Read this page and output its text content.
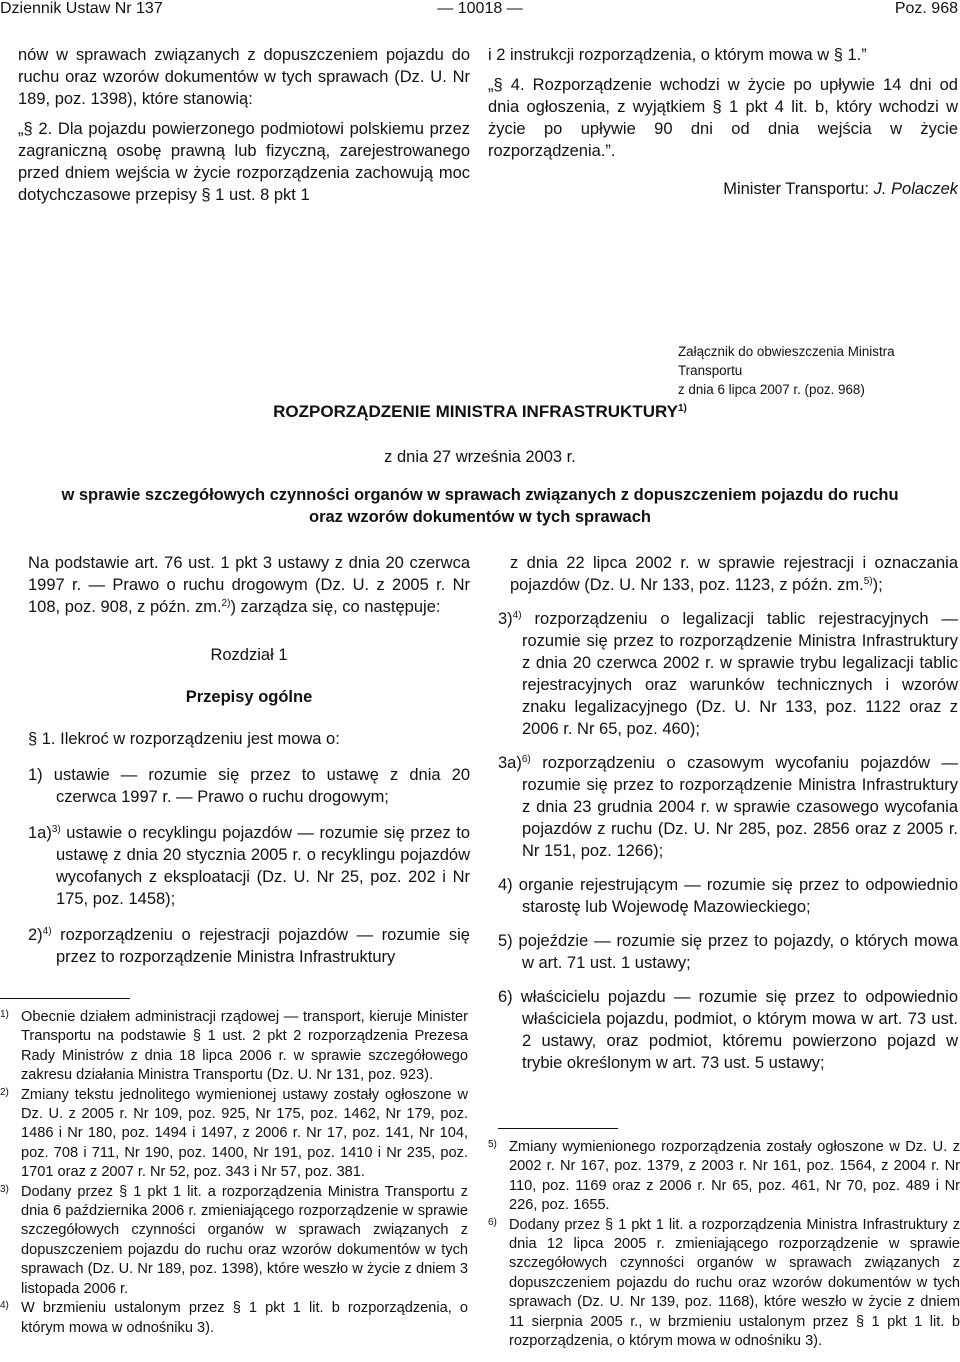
Dziennik Ustaw Nr 137	— 10018 —	Poz. 968

nów w sprawach związanych z dopuszczeniem pojazdu do ruchu oraz wzorów dokumentów w tych sprawach (Dz. U. Nr 189, poz. 1398), które stanowią:

„§ 2. Dla pojazdu powierzonego podmiotowi polskiemu przez zagraniczną osobę prawną lub fizyczną, zarejestrowanego przed dniem wejścia w życie rozporządzenia zachowują moc dotychczasowe przepisy § 1 ust. 8 pkt 1

i 2 instrukcji rozporządzenia, o którym mowa w § 1.”

„§ 4. Rozporządzenie wchodzi w życie po upływie 14 dni od dnia ogłoszenia, z wyjątkiem § 1 pkt 4 lit. b, który wchodzi w życie po upływie 90 dni od dnia wejścia w życie rozporządzenia.”.

Minister Transportu: J. Polaczek
Załącznik do obwieszczenia Ministra Transportu
z dnia 6 lipca 2007 r. (poz. 968)
ROZPORZĄDZENIE MINISTRA INFRASTRUKTURY$^{1)}$
z dnia 27 września 2003 r.
w sprawie szczegółowych czynności organów w sprawach związanych z dopuszczeniem pojazdu do ruchu oraz wzorów dokumentów w tych sprawach

Na podstawie art. 76 ust. 1 pkt 3 ustawy z dnia 20 czerwca 1997 r. — Prawo o ruchu drogowym (Dz. U. z 2005 r. Nr 108, poz. 908, z późn. zm.$^{2)}$) zarządza się, co następuje:

Rozdział 1
Przepisy ogólne

§ 1. Ilekroć w rozporządzeniu jest mowa o:

1) ustawie — rozumie się przez to ustawę z dnia 20 czerwca 1997 r. — Prawo o ruchu drogowym;

1a)$^{3)}$ ustawie o recyklingu pojazdów — rozumie się przez to ustawę z dnia 20 stycznia 2005 r. o recyklingu pojazdów wycofanych z eksploatacji (Dz. U. Nr 25, poz. 202 i Nr 175, poz. 1458);

2)$^{4)}$ rozporządzeniu o rejestracji pojazdów — rozumie się przez to rozporządzenie Ministra Infrastruktury

z dnia 22 lipca 2002 r. w sprawie rejestracji i oznaczania pojazdów (Dz. U. Nr 133, poz. 1123, z późn. zm.$^{5)}$);

3)$^{4)}$ rozporządzeniu o legalizacji tablic rejestracyjnych — rozumie się przez to rozporządzenie Ministra Infrastruktury z dnia 20 czerwca 2002 r. w sprawie trybu legalizacji tablic rejestracyjnych oraz warunków technicznych i wzorów znaku legalizacyjnego (Dz. U. Nr 133, poz. 1122 oraz z 2006 r. Nr 65, poz. 460);

3a)$^{6)}$ rozporządzeniu o czasowym wycofaniu pojazdów — rozumie się przez to rozporządzenie Ministra Infrastruktury z dnia 23 grudnia 2004 r. w sprawie czasowego wycofania pojazdów z ruchu (Dz. U. Nr 285, poz. 2856 oraz z 2005 r. Nr 151, poz. 1266);

4) organie rejestrującym — rozumie się przez to odpowiednio starostę lub Wojewodę Mazowieckiego;

5) pojeździe — rozumie się przez to pojazdy, o których mowa w art. 71 ust. 1 ustawy;

6) właścicielu pojazdu — rozumie się przez to odpowiednio właściciela pojazdu, podmiot, o którym mowa w art. 73 ust. 2 ustawy, oraz podmiot, któremu powierzono pojazd w trybie określonym w art. 73 ust. 5 ustawy;

1) Obecnie działem administracji rządowej — transport, kieruje Minister Transportu na podstawie § 1 ust. 2 pkt 2 rozporządzenia Prezesa Rady Ministrów z dnia 18 lipca 2006 r. w sprawie szczegółowego zakresu działania Ministra Transportu (Dz. U. Nr 131, poz. 923).

2) Zmiany tekstu jednolitego wymienionej ustawy zostały ogłoszone w Dz. U. z 2005 r. Nr 109, poz. 925, Nr 175, poz. 1462, Nr 179, poz. 1486 i Nr 180, poz. 1494 i 1497, z 2006 r. Nr 17, poz. 141, Nr 104, poz. 708 i 711, Nr 190, poz. 1400, Nr 191, poz. 1410 i Nr 235, poz. 1701 oraz z 2007 r. Nr 52, poz. 343 i Nr 57, poz. 381.

3) Dodany przez § 1 pkt 1 lit. a rozporządzenia Ministra Transportu z dnia 6 października 2006 r. zmieniającego rozporządzenie w sprawie szczegółowych czynności organów w sprawach związanych z dopuszczeniem pojazdu do ruchu oraz wzorów dokumentów w tych sprawach (Dz. U. Nr 189, poz. 1398), które weszło w życie z dniem 3 listopada 2006 r.

4) W brzmieniu ustalonym przez § 1 pkt 1 lit. b rozporządzenia, o którym mowa w odnośniku 3).

5) Zmiany wymienionego rozporządzenia zostały ogłoszone w Dz. U. z 2002 r. Nr 167, poz. 1379, z 2003 r. Nr 161, poz. 1564, z 2004 r. Nr 110, poz. 1169 oraz z 2006 r. Nr 65, poz. 461, Nr 70, poz. 489 i Nr 226, poz. 1655.

6) Dodany przez § 1 pkt 1 lit. a rozporządzenia Ministra Infrastruktury z dnia 12 lipca 2005 r. zmieniającego rozporządzenie w sprawie szczegółowych czynności organów w sprawach związanych z dopuszczeniem pojazdu do ruchu oraz wzorów dokumentów w tych sprawach (Dz. U. Nr 139, poz. 1168), które weszło w życie z dniem 11 sierpnia 2005 r., w brzmieniu ustalonym przez § 1 pkt 1 lit. b rozporządzenia, o którym mowa w odnośniku 3).
